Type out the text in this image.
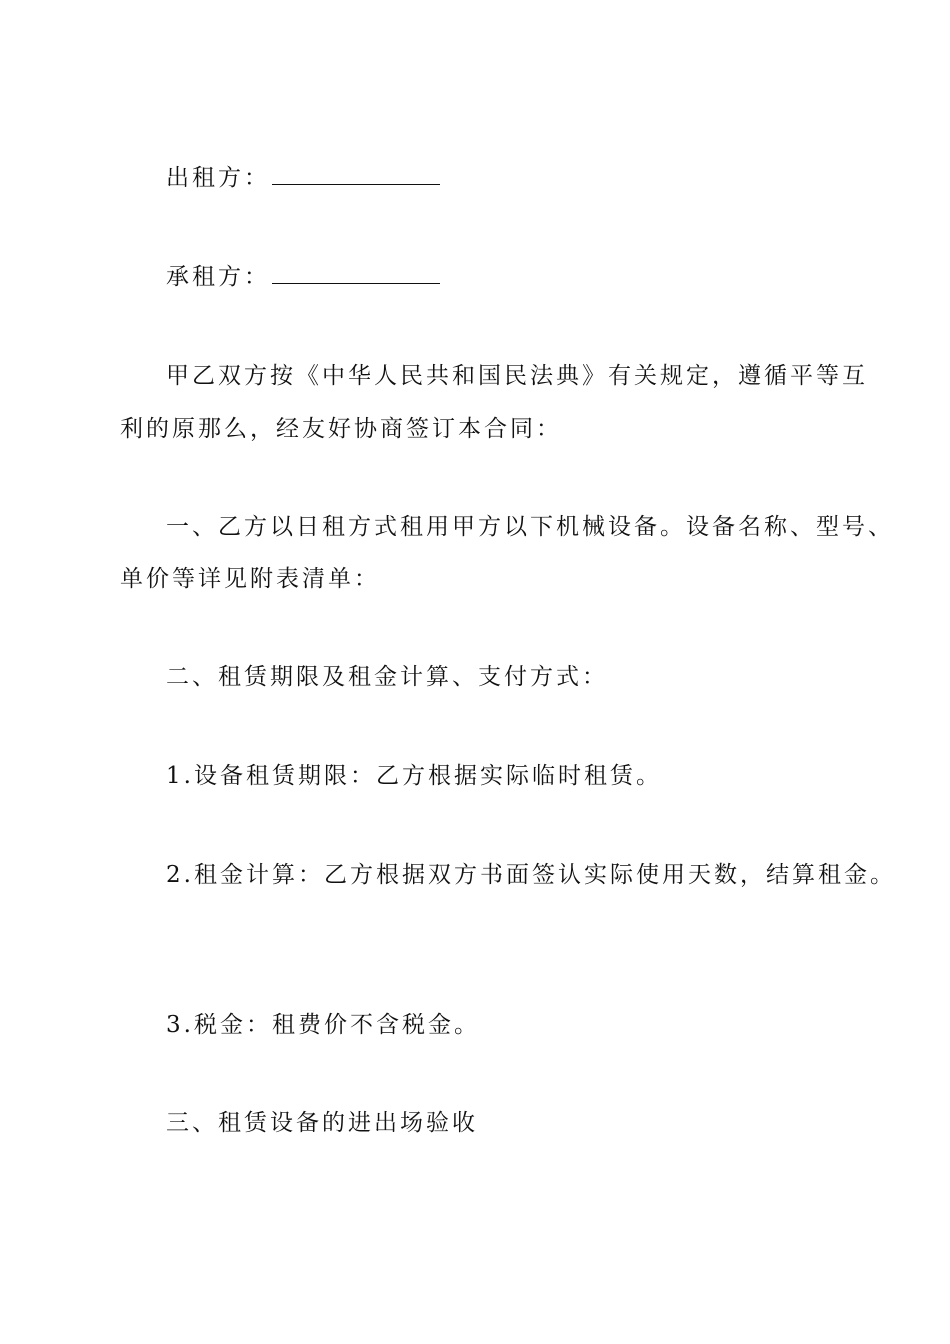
出租方：
承租方：
甲乙双方按《中华人民共和国民法典》有关规定，遵循平等互
利的原那么，经友好协商签订本合同：
一、乙方以日租方式租用甲方以下机械设备。设备名称、型号、
单价等详见附表清单：
二、租赁期限及租金计算、支付方式：
1.设备租赁期限：乙方根据实际临时租赁。
2.租金计算：乙方根据双方书面签认实际使用天数，结算租金。
3.税金：租费价不含税金。
三、租赁设备的进出场验收
